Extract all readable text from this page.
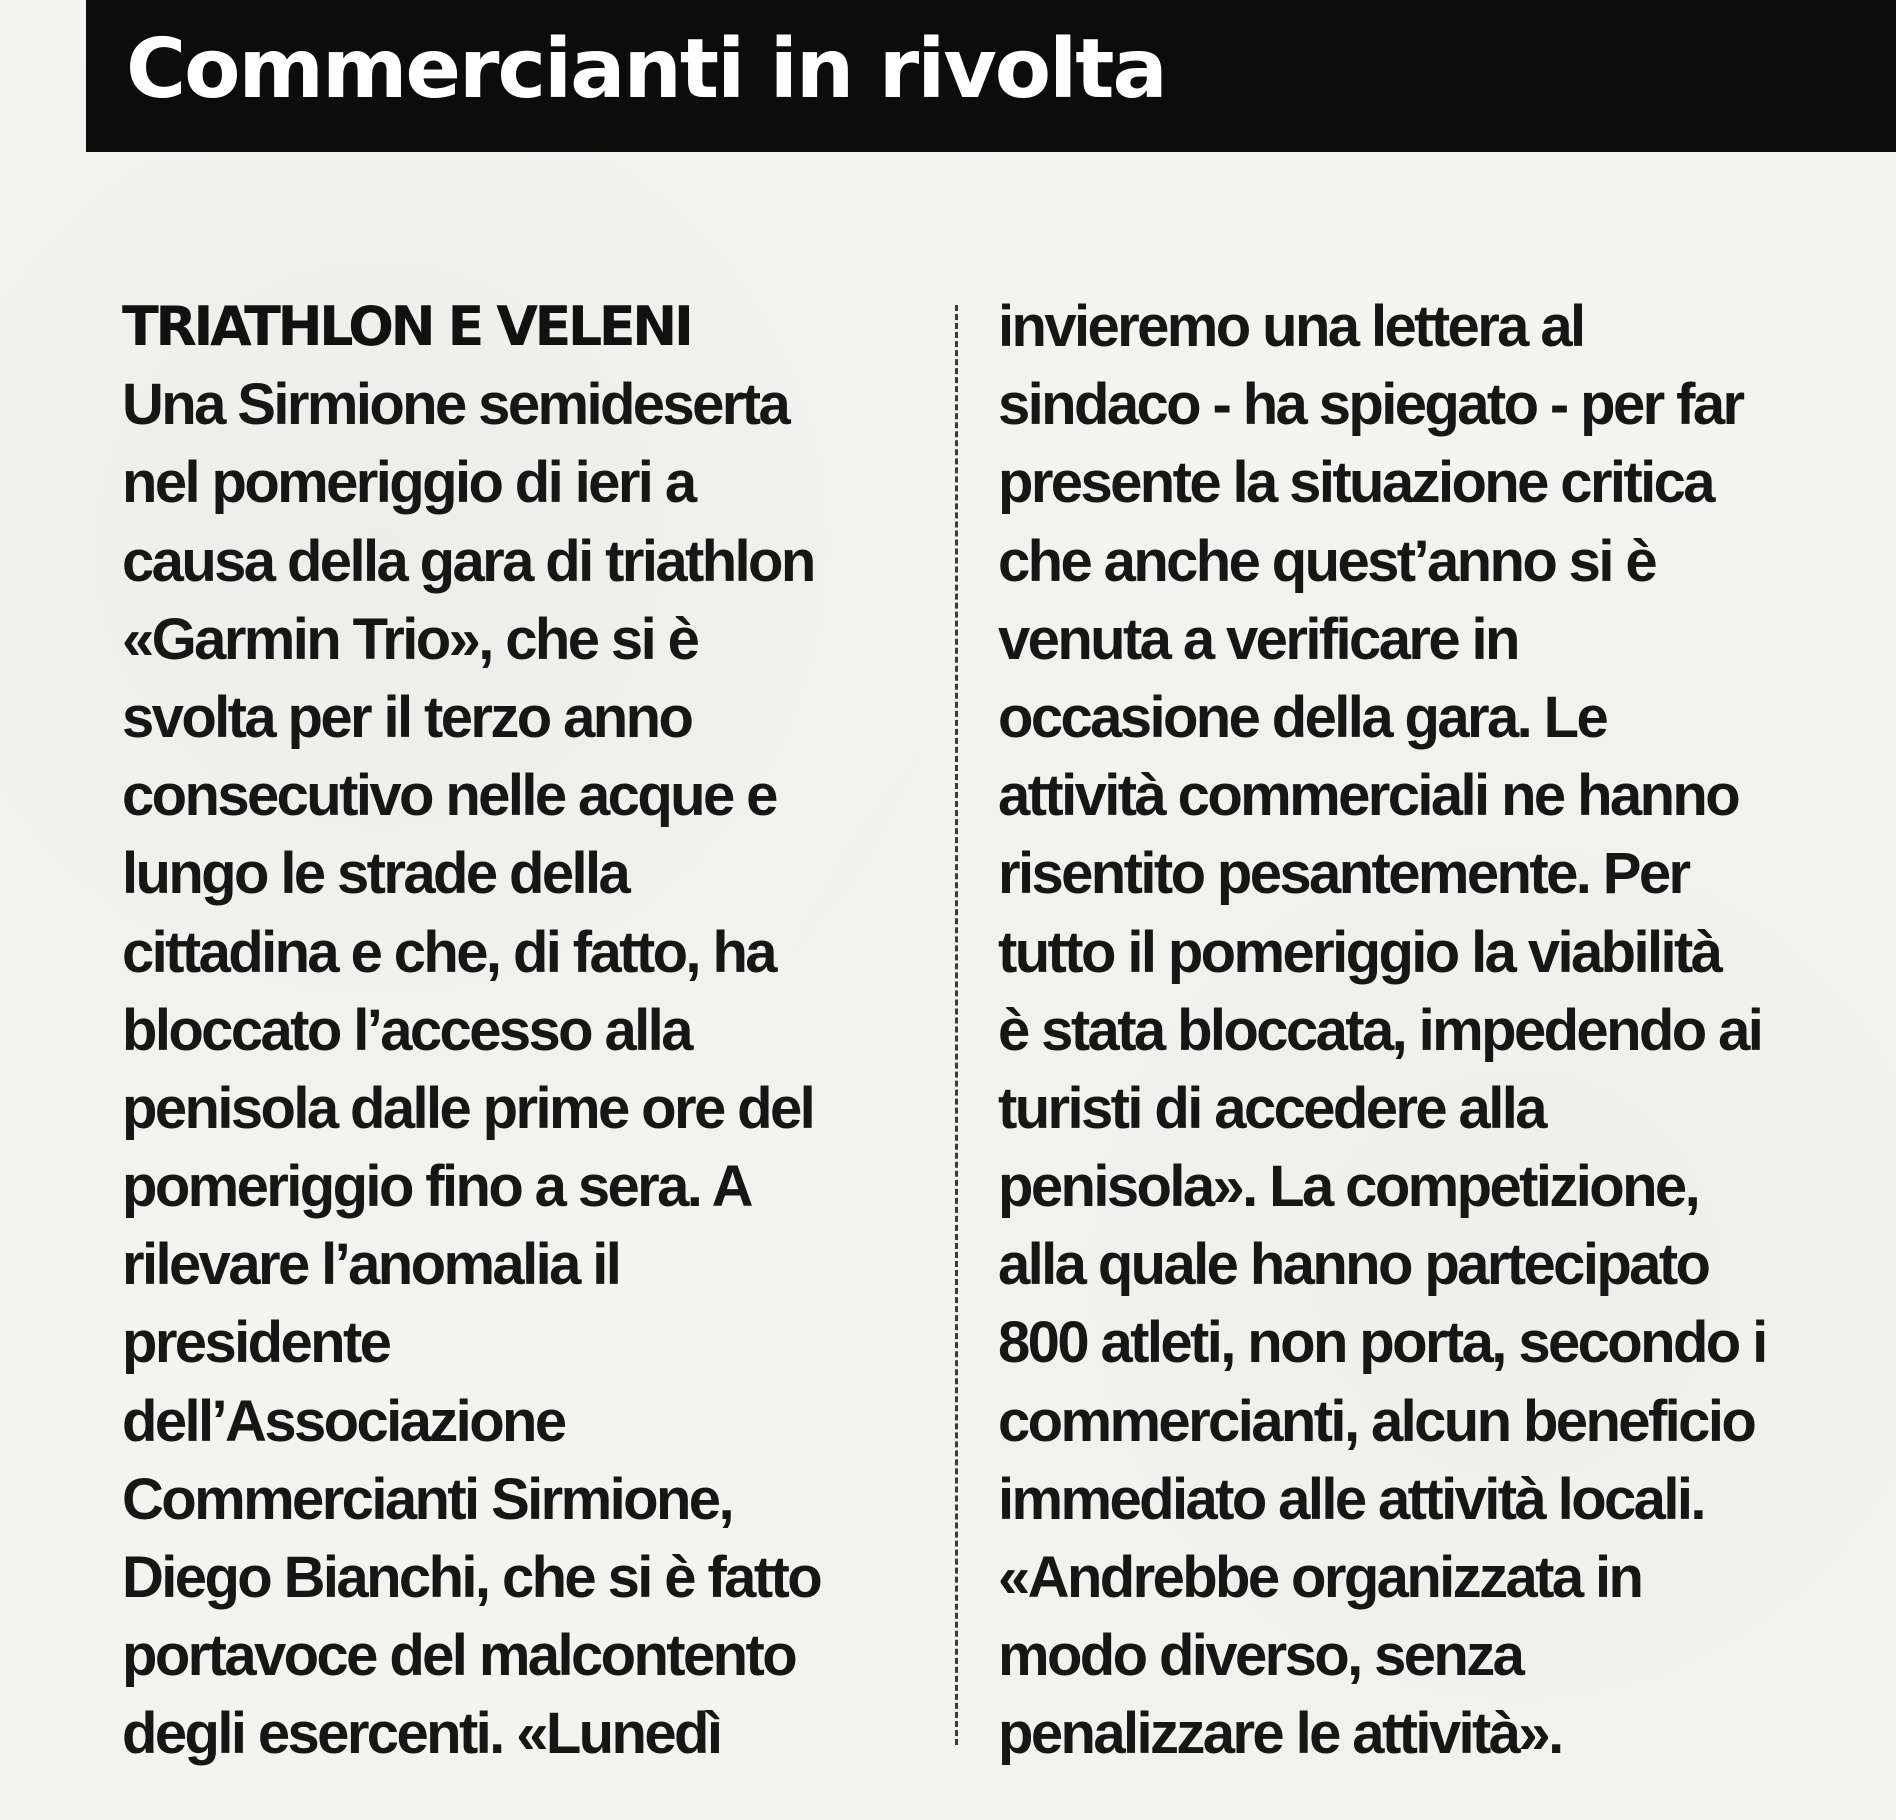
Commercianti in rivolta
TRIATHLON E VELENI
Una Sirmione semideserta
nel pomeriggio di ieri a
causa della gara di triathlon
«Garmin Trio», che si è
svolta per il terzo anno
consecutivo nelle acque e
lungo le strade della
cittadina e che, di fatto, ha
bloccato l’accesso alla
penisola dalle prime ore del
pomeriggio fino a sera. A
rilevare l’anomalia il
presidente
dell’Associazione
Commercianti Sirmione,
Diego Bianchi, che si è fatto
portavoce del malcontento
degli esercenti. «Lunedì
invieremo una lettera al
sindaco - ha spiegato - per far
presente la situazione critica
che anche quest’anno si è
venuta a verificare in
occasione della gara. Le
attività commerciali ne hanno
risentito pesantemente. Per
tutto il pomeriggio la viabilità
è stata bloccata, impedendo ai
turisti di accedere alla
penisola». La competizione,
alla quale hanno partecipato
800 atleti, non porta, secondo i
commercianti, alcun beneficio
immediato alle attività locali.
«Andrebbe organizzata in
modo diverso, senza
penalizzare le attività».
